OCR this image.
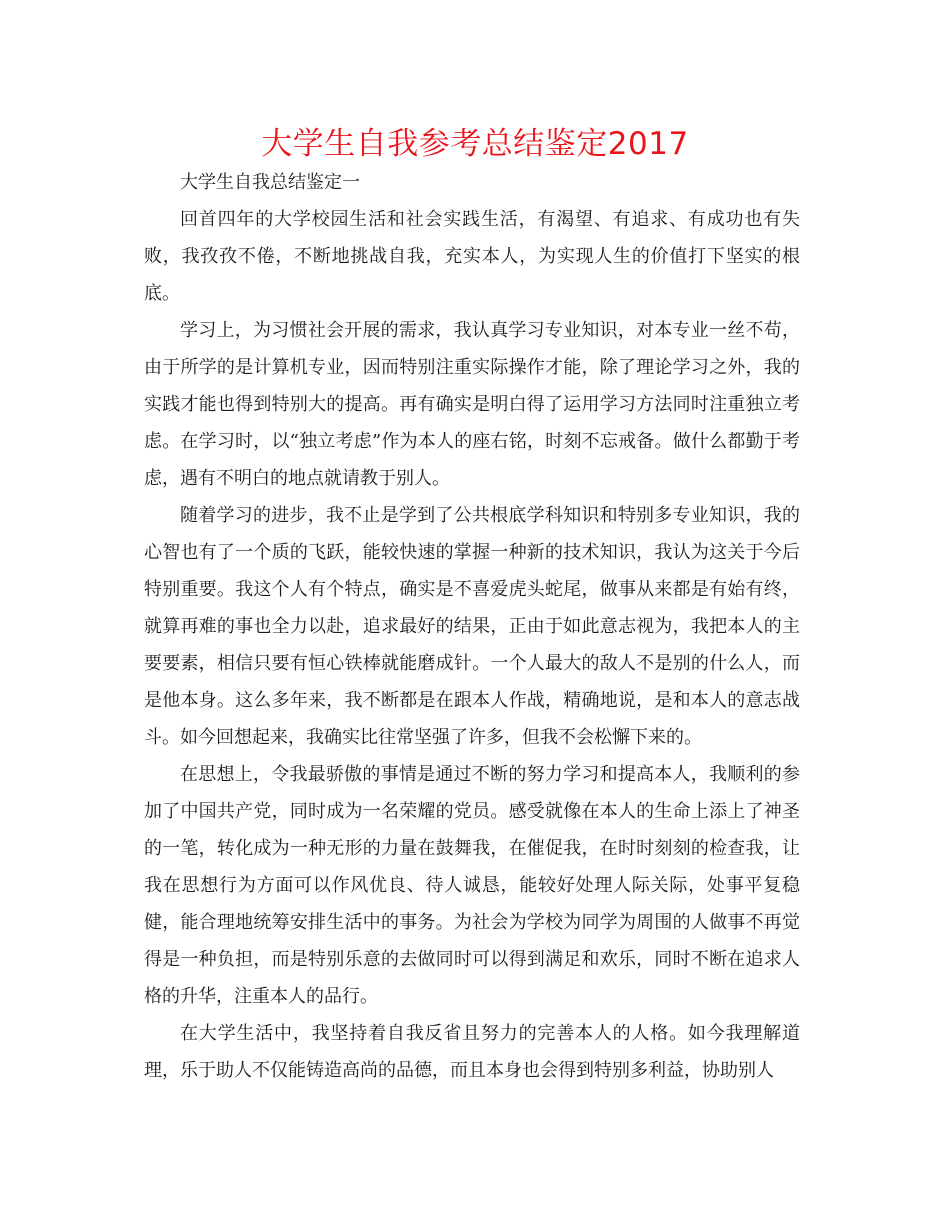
大学生自我参考总结鉴定2017

大学生自我总结鉴定一

回首四年的大学校园生活和社会实践生活，有渴望、有追求、有成功也有失败，我孜孜不倦，不断地挑战自我，充实本人，为实现人生的价值打下坚实的根底。

学习上，为习惯社会开展的需求，我认真学习专业知识，对本专业一丝不苟，由于所学的是计算机专业，因而特别注重实际操作才能，除了理论学习之外，我的实践才能也得到特别大的提高。再有确实是明白得了运用学习方法同时注重独立考虑。在学习时，以“独立考虑”作为本人的座右铭，时刻不忘戒备。做什么都勤于考虑，遇有不明白的地点就请教于别人。

随着学习的进步，我不止是学到了公共根底学科知识和特别多专业知识，我的心智也有了一个质的飞跃，能较快速的掌握一种新的技术知识，我认为这关于今后特别重要。我这个人有个特点，确实是不喜爱虎头蛇尾，做事从来都是有始有终，就算再难的事也全力以赴，追求最好的结果，正由于如此意志视为，我把本人的主要要素，相信只要有恒心铁棒就能磨成针。一个人最大的敌人不是别的什么人，而是他本身。这么多年来，我不断都是在跟本人作战，精确地说，是和本人的意志战斗。如今回想起来，我确实比往常坚强了许多，但我不会松懈下来的。

在思想上，令我最骄傲的事情是通过不断的努力学习和提高本人，我顺利的参加了中国共产党，同时成为一名荣耀的党员。感受就像在本人的生命上添上了神圣的一笔，转化成为一种无形的力量在鼓舞我，在催促我，在时时刻刻的检查我，让我在思想行为方面可以作风优良、待人诚恳，能较好处理人际关际，处事平复稳健，能合理地统筹安排生活中的事务。为社会为学校为同学为周围的人做事不再觉得是一种负担，而是特别乐意的去做同时可以得到满足和欢乐，同时不断在追求人格的升华，注重本人的品行。

在大学生活中，我坚持着自我反省且努力的完善本人的人格。如今我理解道理，乐于助人不仅能铸造高尚的品德，而且本身也会得到特别多利益，协助别人
